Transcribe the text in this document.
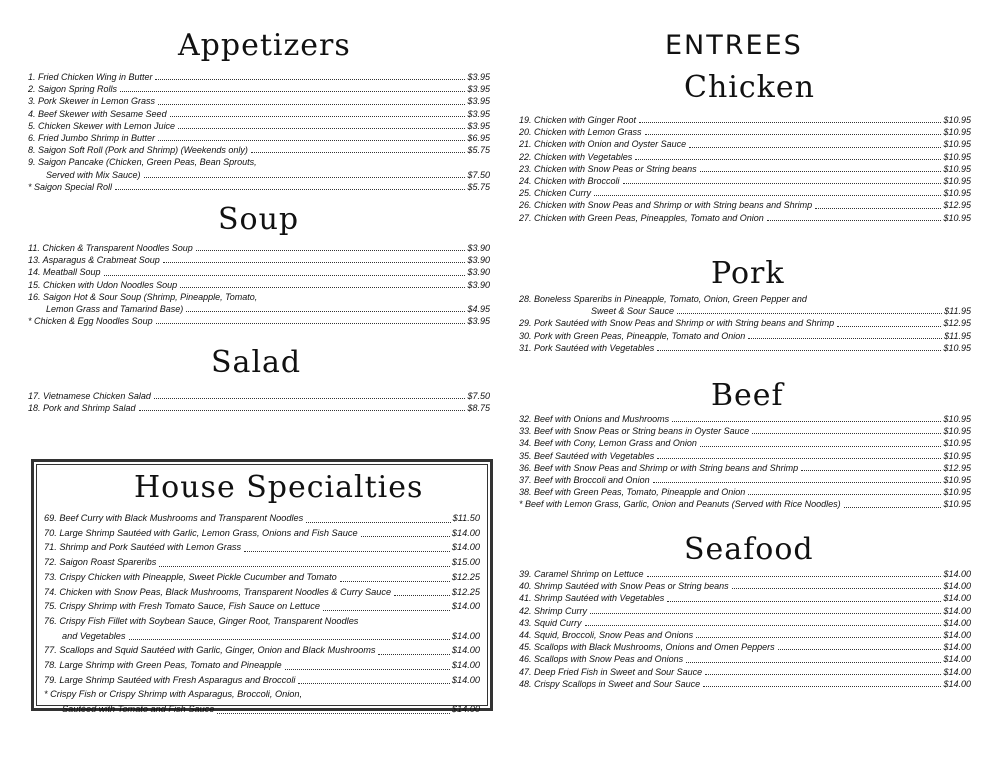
Appetizers
1. Fried Chicken Wing in Butter	$3.95
2. Saigon Spring Rolls	$3.95
3. Pork Skewer in Lemon Grass	$3.95
4. Beef Skewer with Sesame Seed	$3.95
5. Chicken Skewer with Lemon Juice	$3.95
6. Fried Jumbo Shrimp in Butter	$6.95
8. Saigon Soft Roll (Pork and Shrimp) (Weekends only)	$5.75
9. Saigon Pancake (Chicken, Green Peas, Bean Sprouts,
Served with Mix Sauce)	$7.50
* Saigon Special Roll	$5.75
Soup
11. Chicken & Transparent Noodles Soup	$3.90
13. Asparagus & Crabmeat Soup	$3.90
14. Meatball Soup	$3.90
15. Chicken with Udon Noodles Soup	$3.90
16. Saigon Hot & Sour Soup (Shrimp, Pineapple, Tomato,
Lemon Grass and Tamarind Base)	$4.95
* Chicken & Egg Noodles Soup	$3.95
Salad
17. Vietnamese Chicken Salad	$7.50
18. Pork and Shrimp Salad	$8.75
House Specialties
69. Beef Curry with Black Mushrooms and Transparent Noodles	$11.50
70. Large Shrimp Sautéed with Garlic, Lemon Grass, Onions and Fish Sauce	$14.00
71. Shrimp and Pork Sautéed with Lemon Grass	$14.00
72. Saigon Roast Spareribs	$15.00
73. Crispy Chicken with Pineapple, Sweet Pickle Cucumber and Tomato	$12.25
74. Chicken with Snow Peas, Black Mushrooms, Transparent Noodles & Curry Sauce	$12.25
75. Crispy Shrimp with Fresh Tomato Sauce, Fish Sauce on Lettuce	$14.00
76. Crispy Fish Fillet with Soybean Sauce, Ginger Root, Transparent Noodles
and Vegetables	$14.00
77. Scallops and Squid Sautéed with Garlic, Ginger, Onion and Black Mushrooms	$14.00
78. Large Shrimp with Green Peas, Tomato and Pineapple	$14.00
79. Large Shrimp Sautéed with Fresh Asparagus and Broccoli	$14.00
* Crispy Fish or Crispy Shrimp with Asparagus, Broccoli, Onion,
Sautéed with Tomato and Fish Sauce	$14.00
ENTREES
Chicken
19. Chicken with Ginger Root	$10.95
20. Chicken with Lemon Grass	$10.95
21. Chicken with Onion and Oyster Sauce	$10.95
22. Chicken with Vegetables	$10.95
23. Chicken with Snow Peas or String beans	$10.95
24. Chicken with Broccoli	$10.95
25. Chicken Curry	$10.95
26. Chicken with Snow Peas and Shrimp or with String beans and Shrimp	$12.95
27. Chicken with Green Peas, Pineapples, Tomato and Onion	$10.95
Pork
28. Boneless Spareribs in Pineapple, Tomato, Onion, Green Pepper and
Sweet & Sour Sauce	$11.95
29. Pork Sautéed with Snow Peas and Shrimp or with String beans and Shrimp	$12.95
30. Pork with Green Peas, Pineapple, Tomato and Onion	$11.95
31. Pork Sautéed with Vegetables	$10.95
Beef
32. Beef with Onions and Mushrooms	$10.95
33. Beef with Snow Peas or String beans in Oyster Sauce	$10.95
34. Beef with Cony, Lemon Grass and Onion	$10.95
35. Beef Sautéed with Vegetables	$10.95
36. Beef with Snow Peas and Shrimp or with String beans and Shrimp	$12.95
37. Beef with Broccoli and Onion	$10.95
38. Beef with Green Peas, Tomato, Pineapple and Onion	$10.95
* Beef with Lemon Grass, Garlic, Onion and Peanuts (Served with Rice Noodles)	$10.95
Seafood
39. Caramel Shrimp on Lettuce	$14.00
40. Shrimp Sautéed with Snow Peas or String beans	$14.00
41. Shrimp Sautéed with Vegetables	$14.00
42. Shrimp Curry	$14.00
43. Squid Curry	$14.00
44. Squid, Broccoli, Snow Peas and Onions	$14.00
45. Scallops with Black Mushrooms, Onions and Omen Peppers	$14.00
46. Scallops with Snow Peas and Onions	$14.00
47. Deep Fried Fish in Sweet and Sour Sauce	$14.00
48. Crispy Scallops in Sweet and Sour Sauce	$14.00
